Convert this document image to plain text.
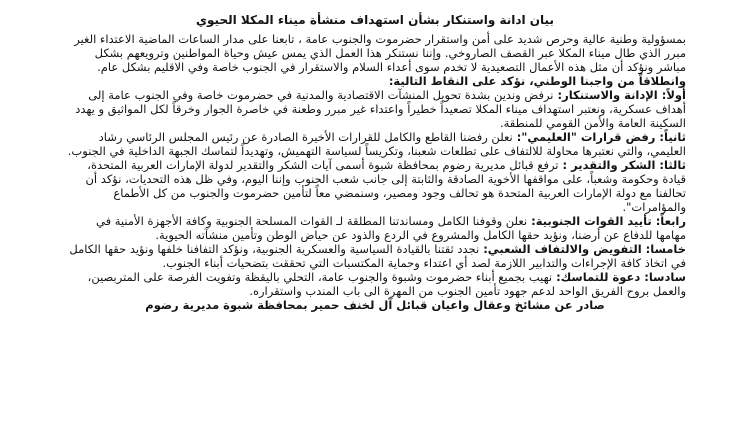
بيان ادانة واستنكار بشأن استهداف منشأة ميناء المكلا الحيوي

بمسؤولية وطنية عالية وحرص شديد على أمن واستقرار حضرموت والجنوب عامة ، تابعنا على مدار الساعات الماضية الاعتداء الغير مبرر الذي طال ميناء المكلا عبر القصف الصاروخي. وإننا نستنكر هذا العمل الذي يمس عيش وحياة المواطنين وترويعهم بشكل مباشر ونؤكد أن مثل هذه الأعمال التصعيدية لا تخدم سوى أعداء السلام والاستقرار في الجنوب خاصة وفي الاقليم بشكل عام.

وانطلاقاً من واجبنا الوطني، نؤكد على النقاط التالية:

أولاً: الإدانة والاستنكار:نرفض وندين بشدة تحويل المنشآت الاقتصادية والمدنية في حضرموت خاصة وفي الجنوب عامة إلى أهداف عسكرية، ونعتبر استهداف ميناء المكلا تصعيداً خطيراً واعتداء غير مبرر وطعنة في خاصرة الجوار وخرقاً لكل المواثيق و يهدد السكينة العامة والأمن القومي للمنطقة.

ثانياً: رفض قرارات "العليمي":نعلن رفضنا القاطع والكامل للقرارات الأخيرة الصادرة عن رئيس المجلس الرئاسي رشاد العليمي، والتي نعتبرها محاولة للالتفاف على تطلعات شعبنا، وتكريساً لسياسة التهميش، وتهديداً لتماسك الجبهة الداخلية في الجنوب.

ثالثا: الشكر والتقدير :ترفع قبائل مديرية رضوم بمحافظة شبوة أسمى آيات الشكر والتقدير لدولة الإمارات العربية المتحدة، قيادة وحكومة وشعباً، على مواقفها الأخوية الصادقة والثابتة إلى جانب شعب الجنوب وإننا اليوم، وفي ظل هذه التحديات، نؤكد أن تحالفنا مع دولة الإمارات العربية المتحدة هو تحالف وجود ومصير، وسنمضي معاً لتأمين حضرموت والجنوب من كل الأطماع والمؤامرات".

رابعاً: تأييد القوات الجنوبية:نعلن وقوفنا الكامل ومساندتنا المطلقة لـ القوات المسلحة الجنوبية وكافة الأجهزة الأمنية في مهامها للدفاع عن أرضنا، ونؤيد حقها الكامل والمشروع في الردع والذود عن حياض الوطن وتأمين منشآته الحيوية.

خامسا: التفويض والالتفاف الشعبي:نجدد ثقتنا بالقيادة السياسية والعسكرية الجنوبية، ونؤكد التفافنا خلفها ونؤيد حقها الكامل في اتخاذ كافة الإجراءات والتدابير اللازمة لصد أي اعتداء وحماية المكتسبات التي تحققت بتضحيات أبناء الجنوب.

سادسا: دعوة للتماسك:نهيب بجميع أبناء حضرموت وشبوة والجنوب عامة، التحلي باليقظة وتفويت الفرصة على المتربصين، والعمل بروح الفريق الواحد لدعم جهود تأمين الجنوب من المهرة الى باب المندب واستقراره.

صادر عن مشائخ وعقال واعيان قبائل آل لخنف حمير بمحافظة شبوة مديرية رضوم
